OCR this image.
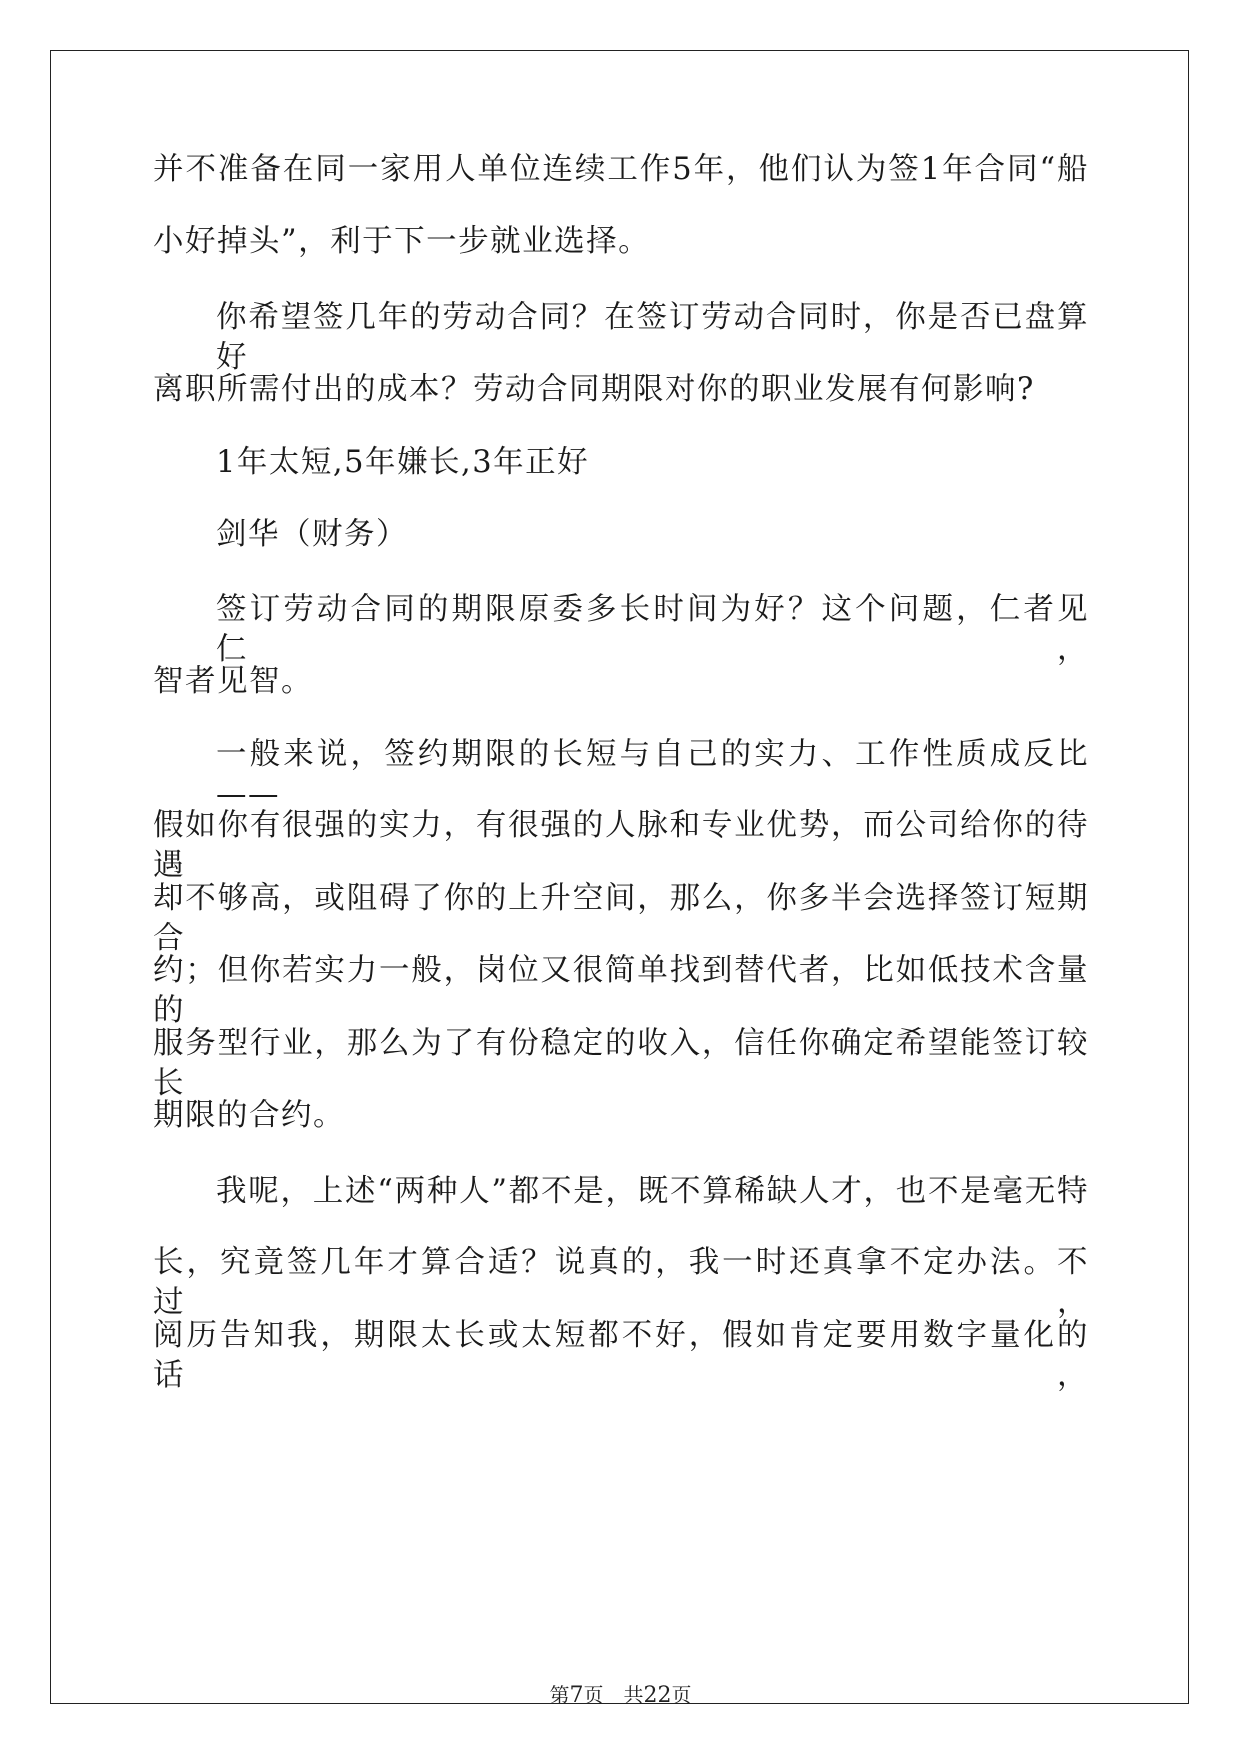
并不准备在同一家用人单位连续工作5年，他们认为签1年合同“船

小好掉头”，利于下一步就业选择。

你希望签几年的劳动合同？在签订劳动合同时，你是否已盘算好

离职所需付出的成本？劳动合同期限对你的职业发展有何影响?

1年太短,5年嫌长,3年正好

剑华（财务）

签订劳动合同的期限原委多长时间为好？这个问题，仁者见仁，

智者见智。

一般来说，签约期限的长短与自己的实力、工作性质成反比——

假如你有很强的实力，有很强的人脉和专业优势，而公司给你的待遇

却不够高，或阻碍了你的上升空间，那么，你多半会选择签订短期合

约；但你若实力一般，岗位又很简单找到替代者，比如低技术含量的

服务型行业，那么为了有份稳定的收入，信任你确定希望能签订较长

期限的合约。

我呢，上述“两种人”都不是，既不算稀缺人才，也不是毫无特

长，究竟签几年才算合适？说真的，我一时还真拿不定办法。不过，

阅历告知我，期限太长或太短都不好，假如肯定要用数字量化的话，

第7页　共22页
